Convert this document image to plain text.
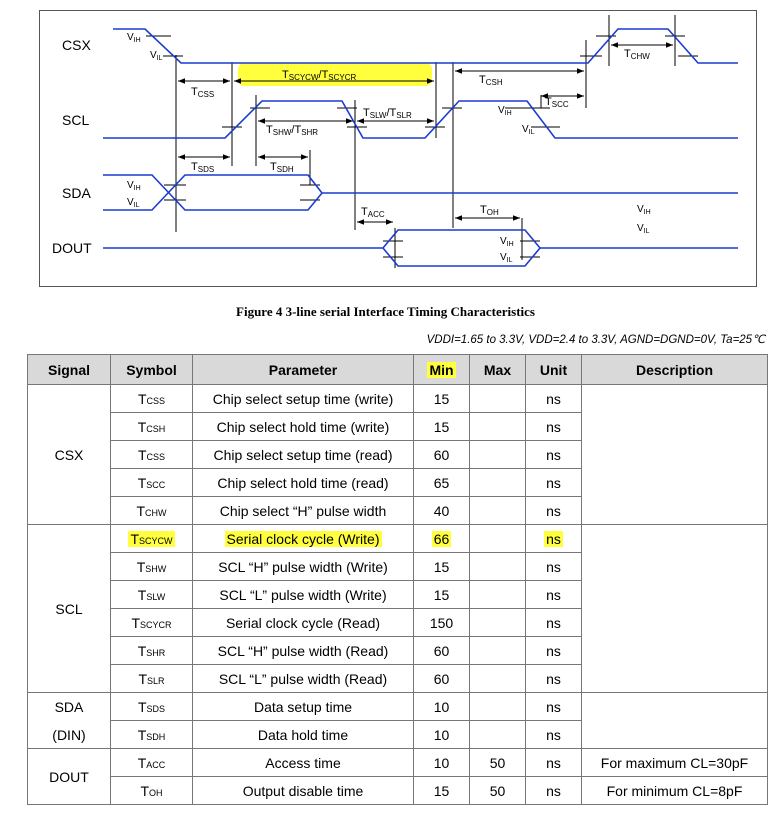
CSX
SCL
SDA
DOUT
$V_{IH}$
$V_{IL}$
$V_{IH}$
$V_{IL}$
$V_{IH}$
$V_{IL}$	$V_{IH}$
$V_{IL}$
$V_{IH}$
$V_{IL}$
TCSS
TSCYCW/TSCYCR	TCSH
TCHW
TSCC
TSHW/TSHR
TSLW/TSLR
TSDS	TSDH
TACC	TOH
Figure 4 3-line serial Interface Timing Characteristics
VDDI=1.65 to 3.3V, VDD=2.4 to 3.3V, AGND=DGND=0V, Ta=25℃
Signal	Symbol	Parameter	Min	Max	Unit	Description

CSX	TCSS	Chip select setup time (write)	15		ns	
	TCSH	Chip select hold time (write)	15		ns	
	TCSS	Chip select setup time (read)	60		ns	
	TSCC	Chip select hold time (read)	65		ns	
	TCHW	Chip select “H” pulse width	40		ns	

SCL	TSCYCW	Serial clock cycle (Write)	66		ns	
	TSHW	SCL “H” pulse width (Write)	15		ns	
	TSLW	SCL “L” pulse width (Write)	15		ns	
	TSCYCR	Serial clock cycle (Read)	150		ns	
	TSHR	SCL “H” pulse width (Read)	60		ns	
	TSLR	SCL “L” pulse width (Read)	60		ns	

SDA
(DIN)	TSDS	Data setup time	10		ns	
	TSDH	Data hold time	10		ns	

DOUT	TACC	Access time	10	50	ns	For maximum CL=30pF
	TOH	Output disable time	15	50	ns	For minimum CL=8pF
